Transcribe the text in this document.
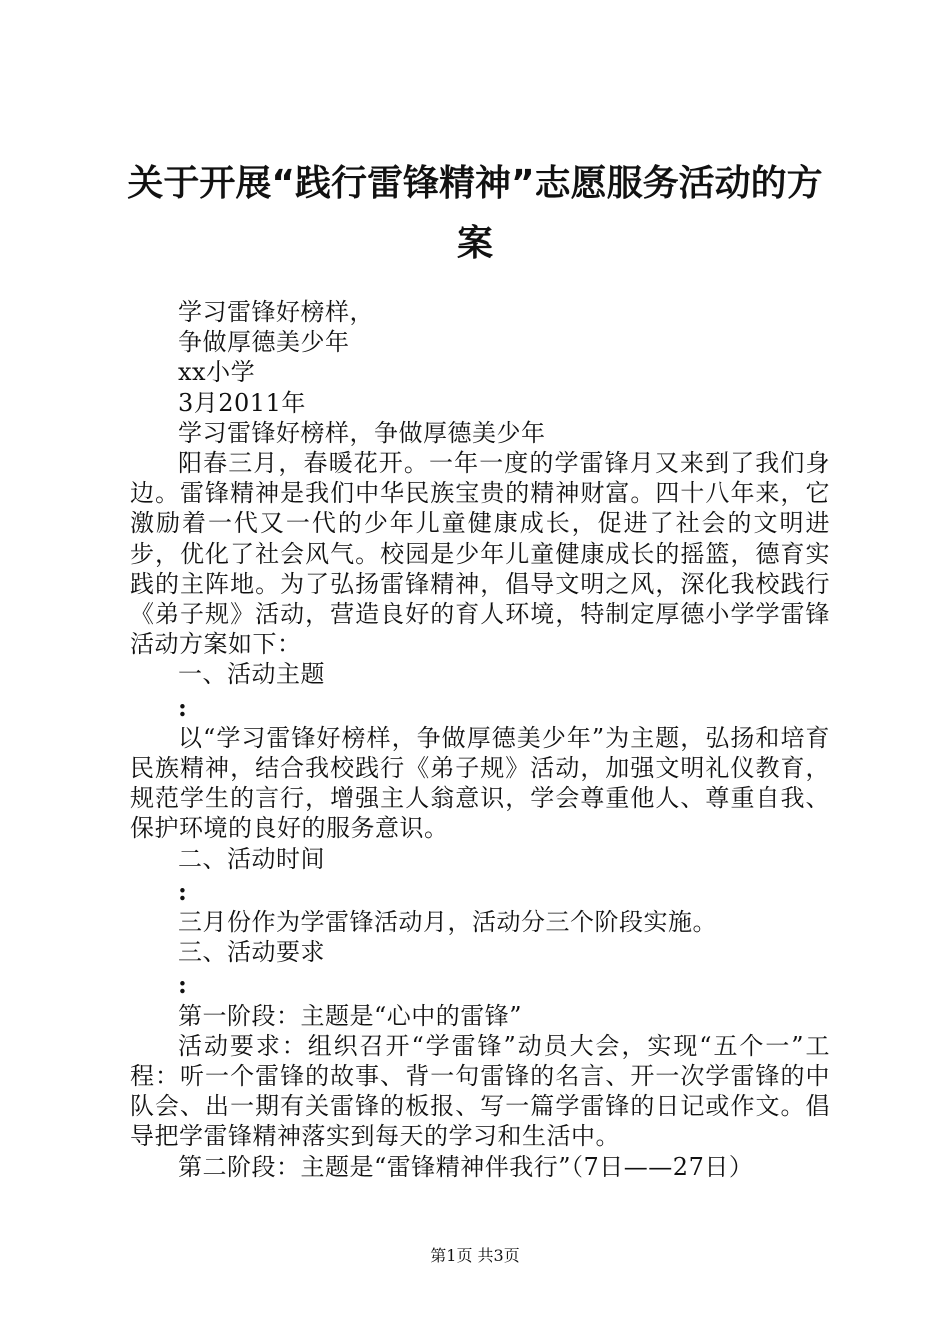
关于开展“践行雷锋精神”志愿服务活动的方
案

学习雷锋好榜样，

争做厚德美少年

xx小学

3月2011年

学习雷锋好榜样，争做厚德美少年

阳春三月，春暖花开。一年一度的学雷锋月又来到了我们身边。雷锋精神是我们中华民族宝贵的精神财富。四十八年来，它激励着一代又一代的少年儿童健康成长，促进了社会的文明进步，优化了社会风气。校园是少年儿童健康成长的摇篮，德育实践的主阵地。为了弘扬雷锋精神，倡导文明之风，深化我校践行《弟子规》活动，营造良好的育人环境，特制定厚德小学学雷锋活动方案如下：

一、活动主题

:

以“学习雷锋好榜样，争做厚德美少年”为主题，弘扬和培育民族精神，结合我校践行《弟子规》活动，加强文明礼仪教育，规范学生的言行，增强主人翁意识，学会尊重他人、尊重自我、保护环境的良好的服务意识。

二、活动时间

:

三月份作为学雷锋活动月，活动分三个阶段实施。

三、活动要求

:

第一阶段：主题是“心中的雷锋”

活动要求：组织召开“学雷锋”动员大会，实现“五个一”工程：听一个雷锋的故事、背一句雷锋的名言、开一次学雷锋的中队会、出一期有关雷锋的板报、写一篇学雷锋的日记或作文。倡导把学雷锋精神落实到每天的学习和生活中。

第二阶段：主题是“雷锋精神伴我行”（7日——27日）

第1页 共3页
